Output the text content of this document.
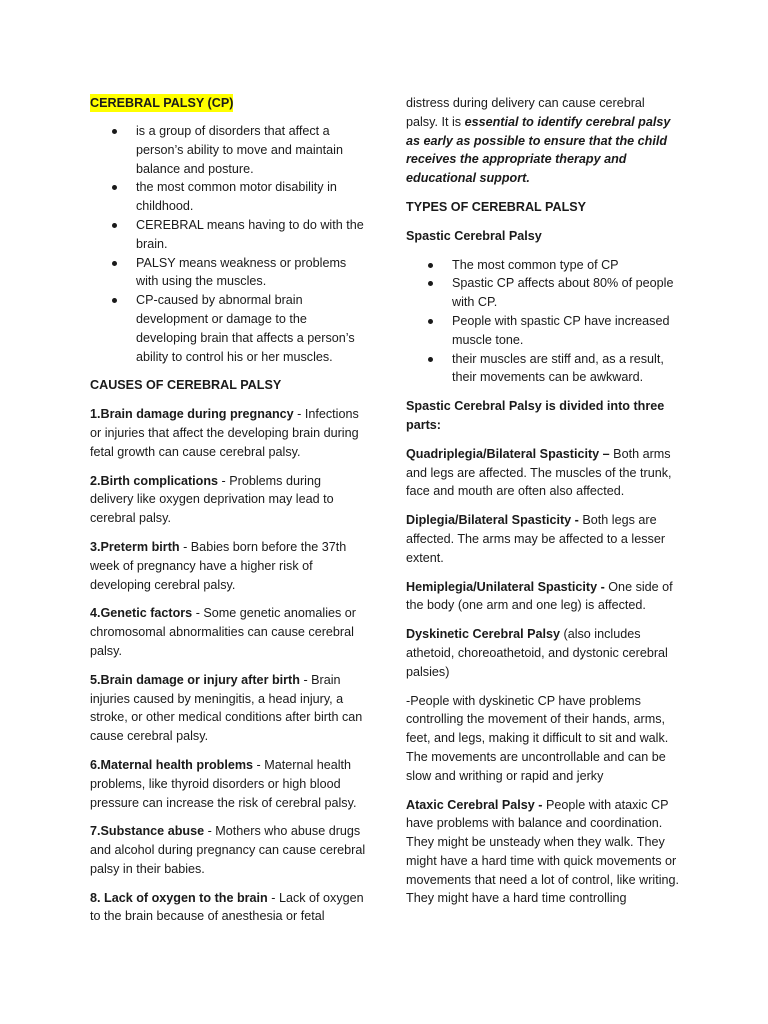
CEREBRAL PALSY (CP)
is a group of disorders that affect a person’s ability to move and maintain balance and posture.
the most common motor disability in childhood.
CEREBRAL means having to do with the brain.
PALSY means weakness or problems with using the muscles.
CP-caused by abnormal brain development or damage to the developing brain that affects a person’s ability to control his or her muscles.
CAUSES OF CEREBRAL PALSY

1.Brain damage during pregnancy - Infections or injuries that affect the developing brain during fetal growth can cause cerebral palsy.

2.Birth complications - Problems during delivery like oxygen deprivation may lead to cerebral palsy.

3.Preterm birth - Babies born before the 37th week of pregnancy have a higher risk of developing cerebral palsy.

4.Genetic factors - Some genetic anomalies or chromosomal abnormalities can cause cerebral palsy.

5.Brain damage or injury after birth - Brain injuries caused by meningitis, a head injury, a stroke, or other medical conditions after birth can cause cerebral palsy.

6.Maternal health problems - Maternal health problems, like thyroid disorders or high blood pressure can increase the risk of cerebral palsy.

7.Substance abuse - Mothers who abuse drugs and alcohol during pregnancy can cause cerebral palsy in their babies.

8. Lack of oxygen to the brain - Lack of oxygen to the brain because of anesthesia or fetal

distress during delivery can cause cerebral palsy. It is essential to identify cerebral palsy as early as possible to ensure that the child receives the appropriate therapy and educational support.

TYPES OF CEREBRAL PALSY
Spastic Cerebral Palsy
The most common type of CP
Spastic CP affects about 80% of people with CP.
People with spastic CP have increased muscle tone.
their muscles are stiff and, as a result, their movements can be awkward.
Spastic Cerebral Palsy is divided into three parts:

Quadriplegia/Bilateral Spasticity – Both arms and legs are affected. The muscles of the trunk, face and mouth are often also affected.

Diplegia/Bilateral Spasticity - Both legs are affected. The arms may be affected to a lesser extent.

Hemiplegia/Unilateral Spasticity - One side of the body (one arm and one leg) is affected.

Dyskinetic Cerebral Palsy (also includes athetoid, choreoathetoid, and dystonic cerebral palsies)

-People with dyskinetic CP have problems controlling the movement of their hands, arms, feet, and legs, making it difficult to sit and walk. The movements are uncontrollable and can be slow and writhing or rapid and jerky

Ataxic Cerebral Palsy - People with ataxic CP have problems with balance and coordination. They might be unsteady when they walk. They might have a hard time with quick movements or movements that need a lot of control, like writing. They might have a hard time controlling
